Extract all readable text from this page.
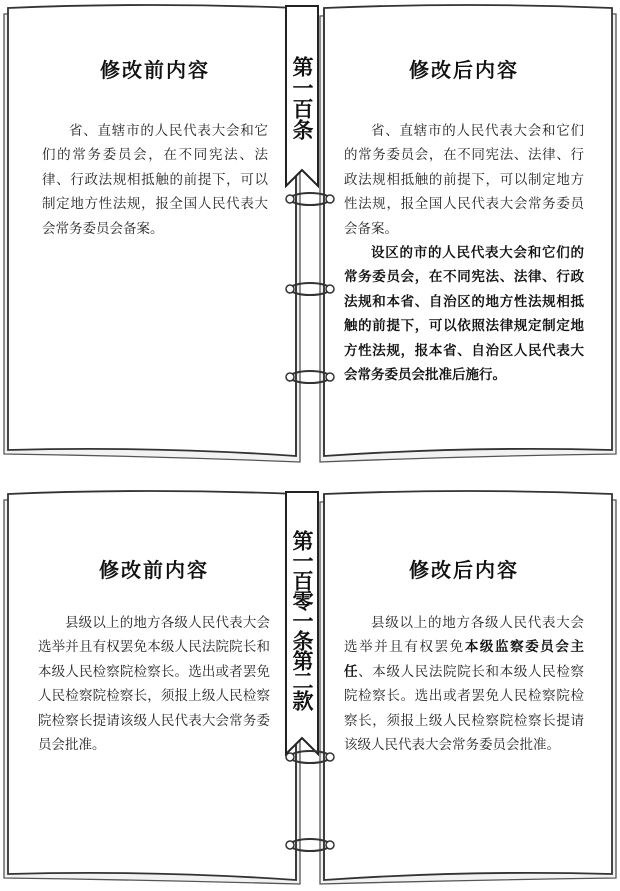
修改前内容

省、直辖市的人民代表大会和它们的常务委员会，在不同宪法、法律、行政法规相抵触的前提下，可以制定地方性法规，报全国人民代表大会常务委员会备案。

修改后内容

省、直辖市的人民代表大会和它们的常务委员会，在不同宪法、法律、行政法规相抵触的前提下，可以制定地方性法规，报全国人民代表大会常务委员会备案。

设区的市的人民代表大会和它们的常务委员会，在不同宪法、法律、行政法规和本省、自治区的地方性法规相抵触的前提下，可以依照法律规定制定地方性法规，报本省、自治区人民代表大会常务委员会批准后施行。

第一百条
修改前内容

县级以上的地方各级人民代表大会选举并且有权罢免本级人民法院院长和本级人民检察院检察长。选出或者罢免人民检察院检察长，须报上级人民检察院检察长提请该级人民代表大会常务委员会批准。

修改后内容

县级以上的地方各级人民代表大会选举并且有权罢免本级监察委员会主任、本级人民法院院长和本级人民检察院检察长。选出或者罢免人民检察院检察长，须报上级人民检察院检察长提请该级人民代表大会常务委员会批准。

第一百零一条第二款
